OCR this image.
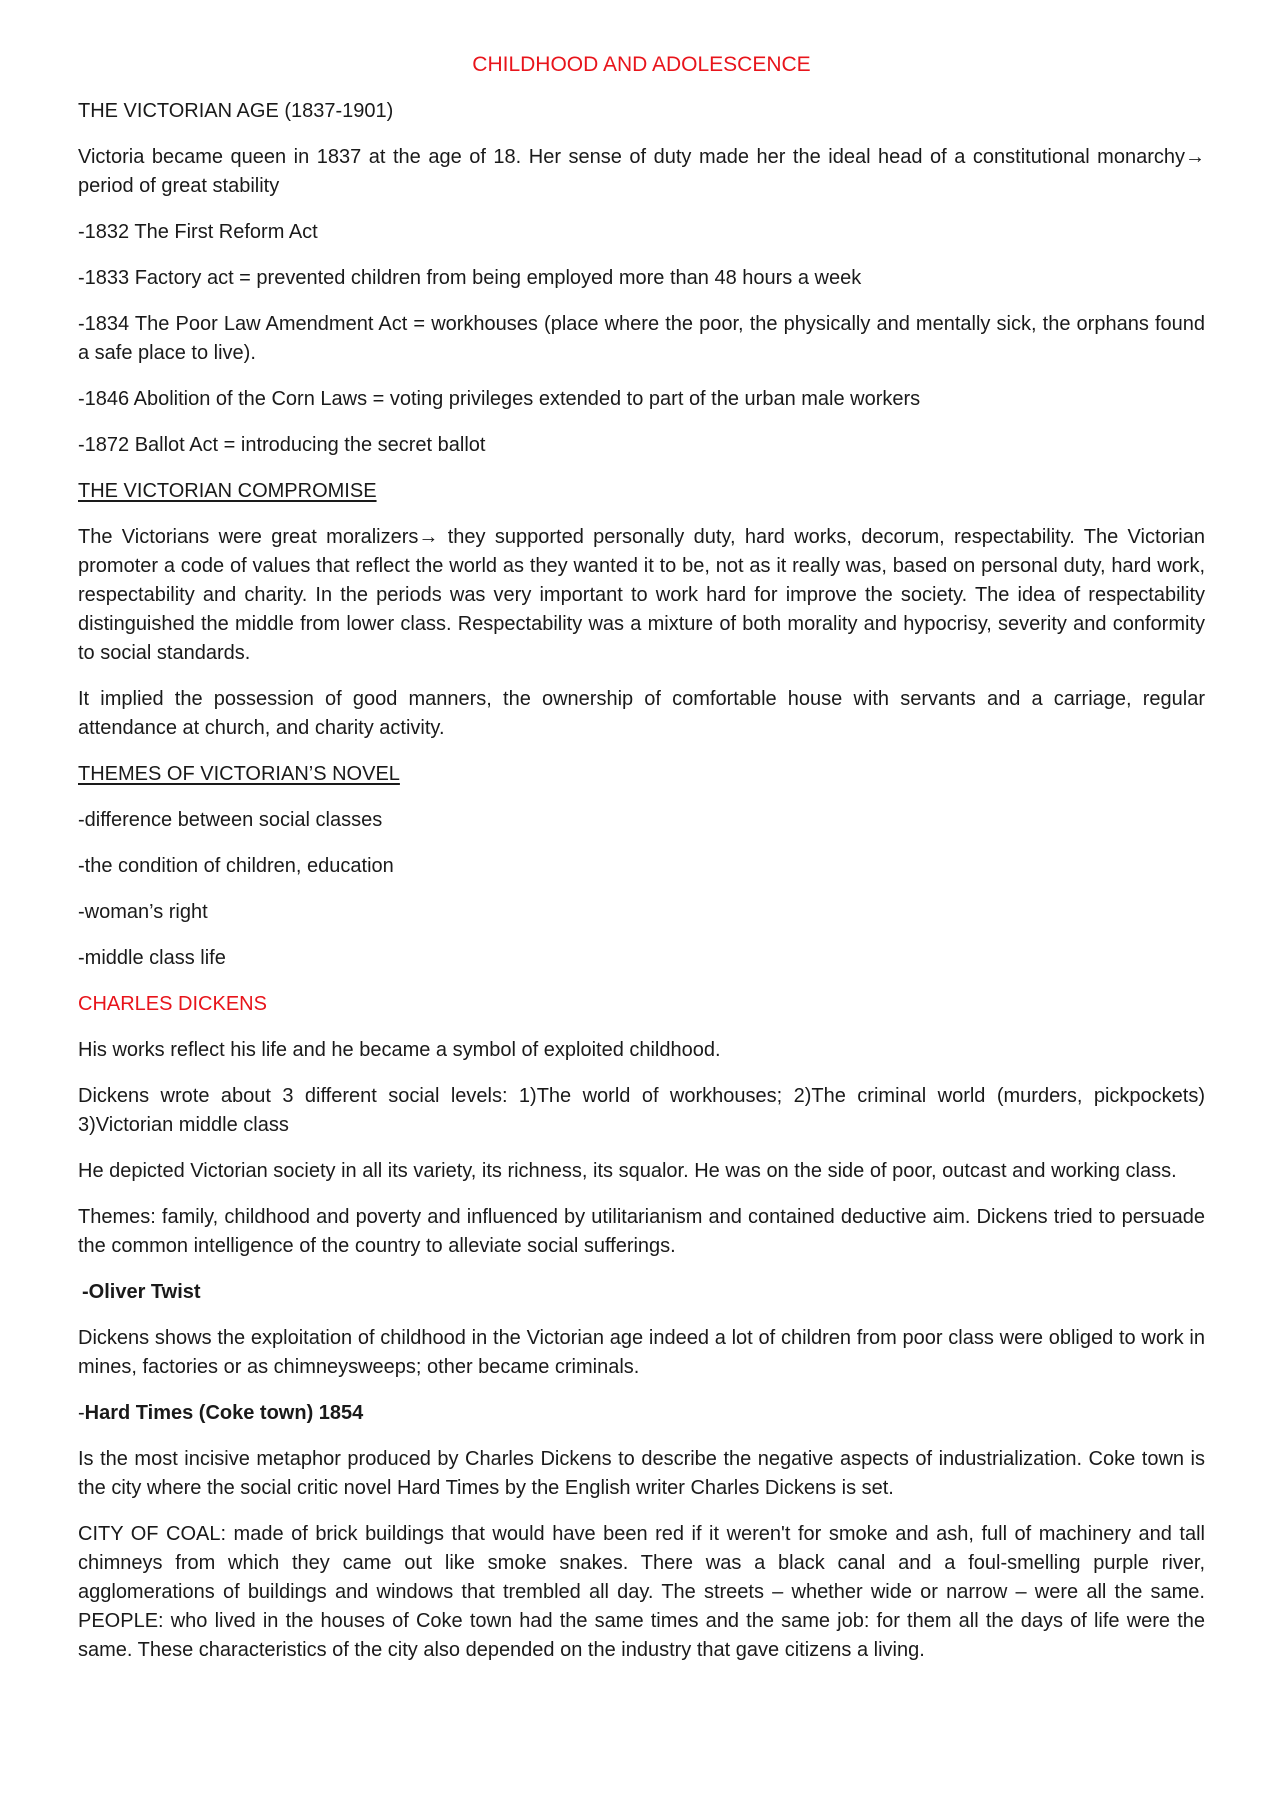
CHILDHOOD AND ADOLESCENCE

THE VICTORIAN AGE (1837-1901)

Victoria became queen in 1837 at the age of 18. Her sense of duty made her the ideal head of a constitutional monarchy→ period of great stability

-1832 The First Reform Act

-1833 Factory act = prevented children from being employed more than 48 hours a week

-1834 The Poor Law Amendment Act = workhouses (place where the poor, the physically and mentally sick, the orphans found a safe place to live).

-1846 Abolition of the Corn Laws = voting privileges extended to part of the urban male workers

-1872 Ballot Act = introducing the secret ballot

THE VICTORIAN COMPROMISE

The Victorians were great moralizers→ they supported personally duty, hard works, decorum, respectability. The Victorian promoter a code of values that reflect the world as they wanted it to be, not as it really was, based on personal duty, hard work, respectability and charity. In the periods was very important to work hard for improve the society. The idea of respectability distinguished the middle from lower class. Respectability was a mixture of both morality and hypocrisy, severity and conformity to social standards.

It implied the possession of good manners, the ownership of comfortable house with servants and a carriage, regular attendance at church, and charity activity.

THEMES OF VICTORIAN’S NOVEL

-difference between social classes

-the condition of children, education

-woman’s right

-middle class life

CHARLES DICKENS

His works reflect his life and he became a symbol of exploited childhood.

Dickens wrote about 3 different social levels: 1)The world of workhouses; 2)The criminal world (murders, pickpockets) 3)Victorian middle class

He depicted Victorian society in all its variety, its richness, its squalor. He was on the side of poor, outcast and working class.

Themes: family, childhood and poverty and influenced by utilitarianism and contained deductive aim. Dickens tried to persuade the common intelligence of the country to alleviate social sufferings.

-Oliver Twist

Dickens shows the exploitation of childhood in the Victorian age indeed a lot of children from poor class were obliged to work in mines, factories or as chimneysweeps; other became criminals.

-Hard Times (Coke town) 1854

Is the most incisive metaphor produced by Charles Dickens to describe the negative aspects of industrialization. Coke town is the city where the social critic novel Hard Times by the English writer Charles Dickens is set.

CITY OF COAL: made of brick buildings that would have been red if it weren't for smoke and ash, full of machinery and tall chimneys from which they came out like smoke snakes. There was a black canal and a foul-smelling purple river, agglomerations of buildings and windows that trembled all day. The streets – whether wide or narrow – were all the same. PEOPLE: who lived in the houses of Coke town had the same times and the same job: for them all the days of life were the same. These characteristics of the city also depended on the industry that gave citizens a living.
